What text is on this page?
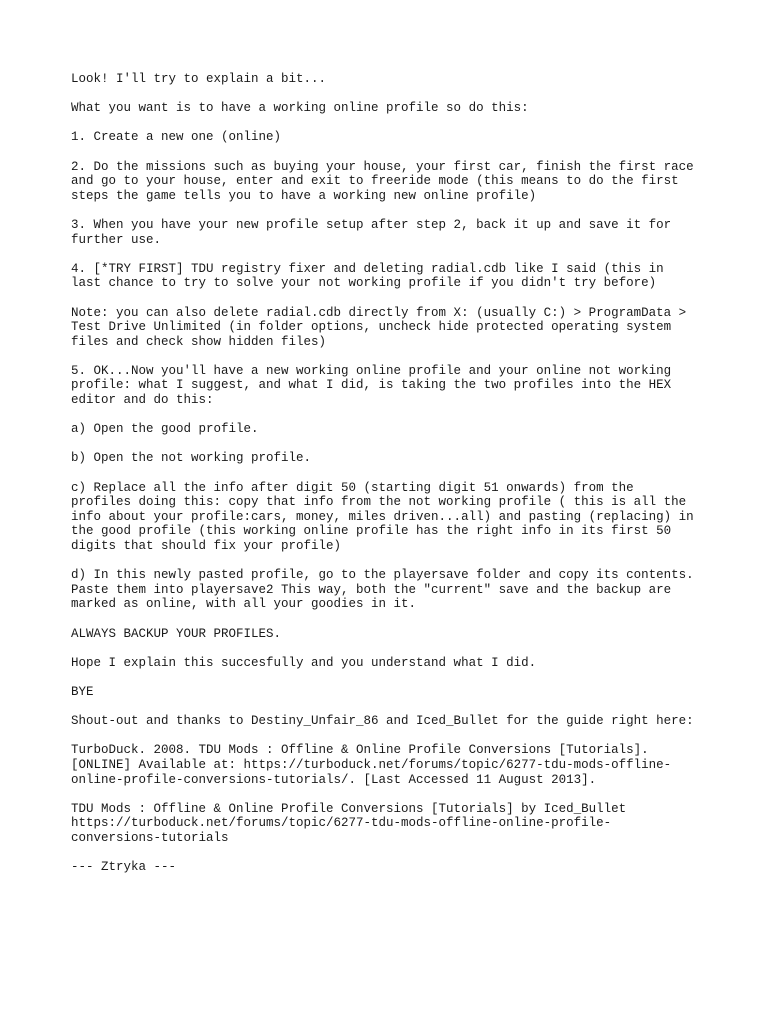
Look! I'll try to explain a bit...
What you want is to have a working online profile so do this:
1. Create a new one (online)
2. Do the missions such as buying your house, your first car, finish the first race
and go to your house, enter and exit to freeride mode (this means to do the first
steps the game tells you to have a working new online profile)
3. When you have your new profile setup after step 2, back it up and save it for
further use.
4. [*TRY FIRST] TDU registry fixer and deleting radial.cdb like I said (this in
last chance to try to solve your not working profile if you didn't try before)
Note: you can also delete radial.cdb directly from X: (usually C:) > ProgramData >
Test Drive Unlimited (in folder options, uncheck hide protected operating system
files and check show hidden files)
5. OK...Now you'll have a new working online profile and your online not working
profile: what I suggest, and what I did, is taking the two profiles into the HEX
editor and do this:
a) Open the good profile.
b) Open the not working profile.
c) Replace all the info after digit 50 (starting digit 51 onwards) from the
profiles doing this: copy that info from the not working profile ( this is all the
info about your profile:cars, money, miles driven...all) and pasting (replacing) in
the good profile (this working online profile has the right info in its first 50
digits that should fix your profile)
d) In this newly pasted profile, go to the playersave folder and copy its contents.
Paste them into playersave2 This way, both the "current" save and the backup are
marked as online, with all your goodies in it.
ALWAYS BACKUP YOUR PROFILES.
Hope I explain this succesfully and you understand what I did.
BYE
Shout-out and thanks to Destiny_Unfair_86 and Iced_Bullet for the guide right here:
TurboDuck. 2008. TDU Mods : Offline & Online Profile Conversions [Tutorials].
[ONLINE] Available at: https://turboduck.net/forums/topic/6277-tdu-mods-offline-
online-profile-conversions-tutorials/. [Last Accessed 11 August 2013].
TDU Mods : Offline & Online Profile Conversions [Tutorials] by Iced_Bullet
https://turboduck.net/forums/topic/6277-tdu-mods-offline-online-profile-
conversions-tutorials
--- Ztryka ---
